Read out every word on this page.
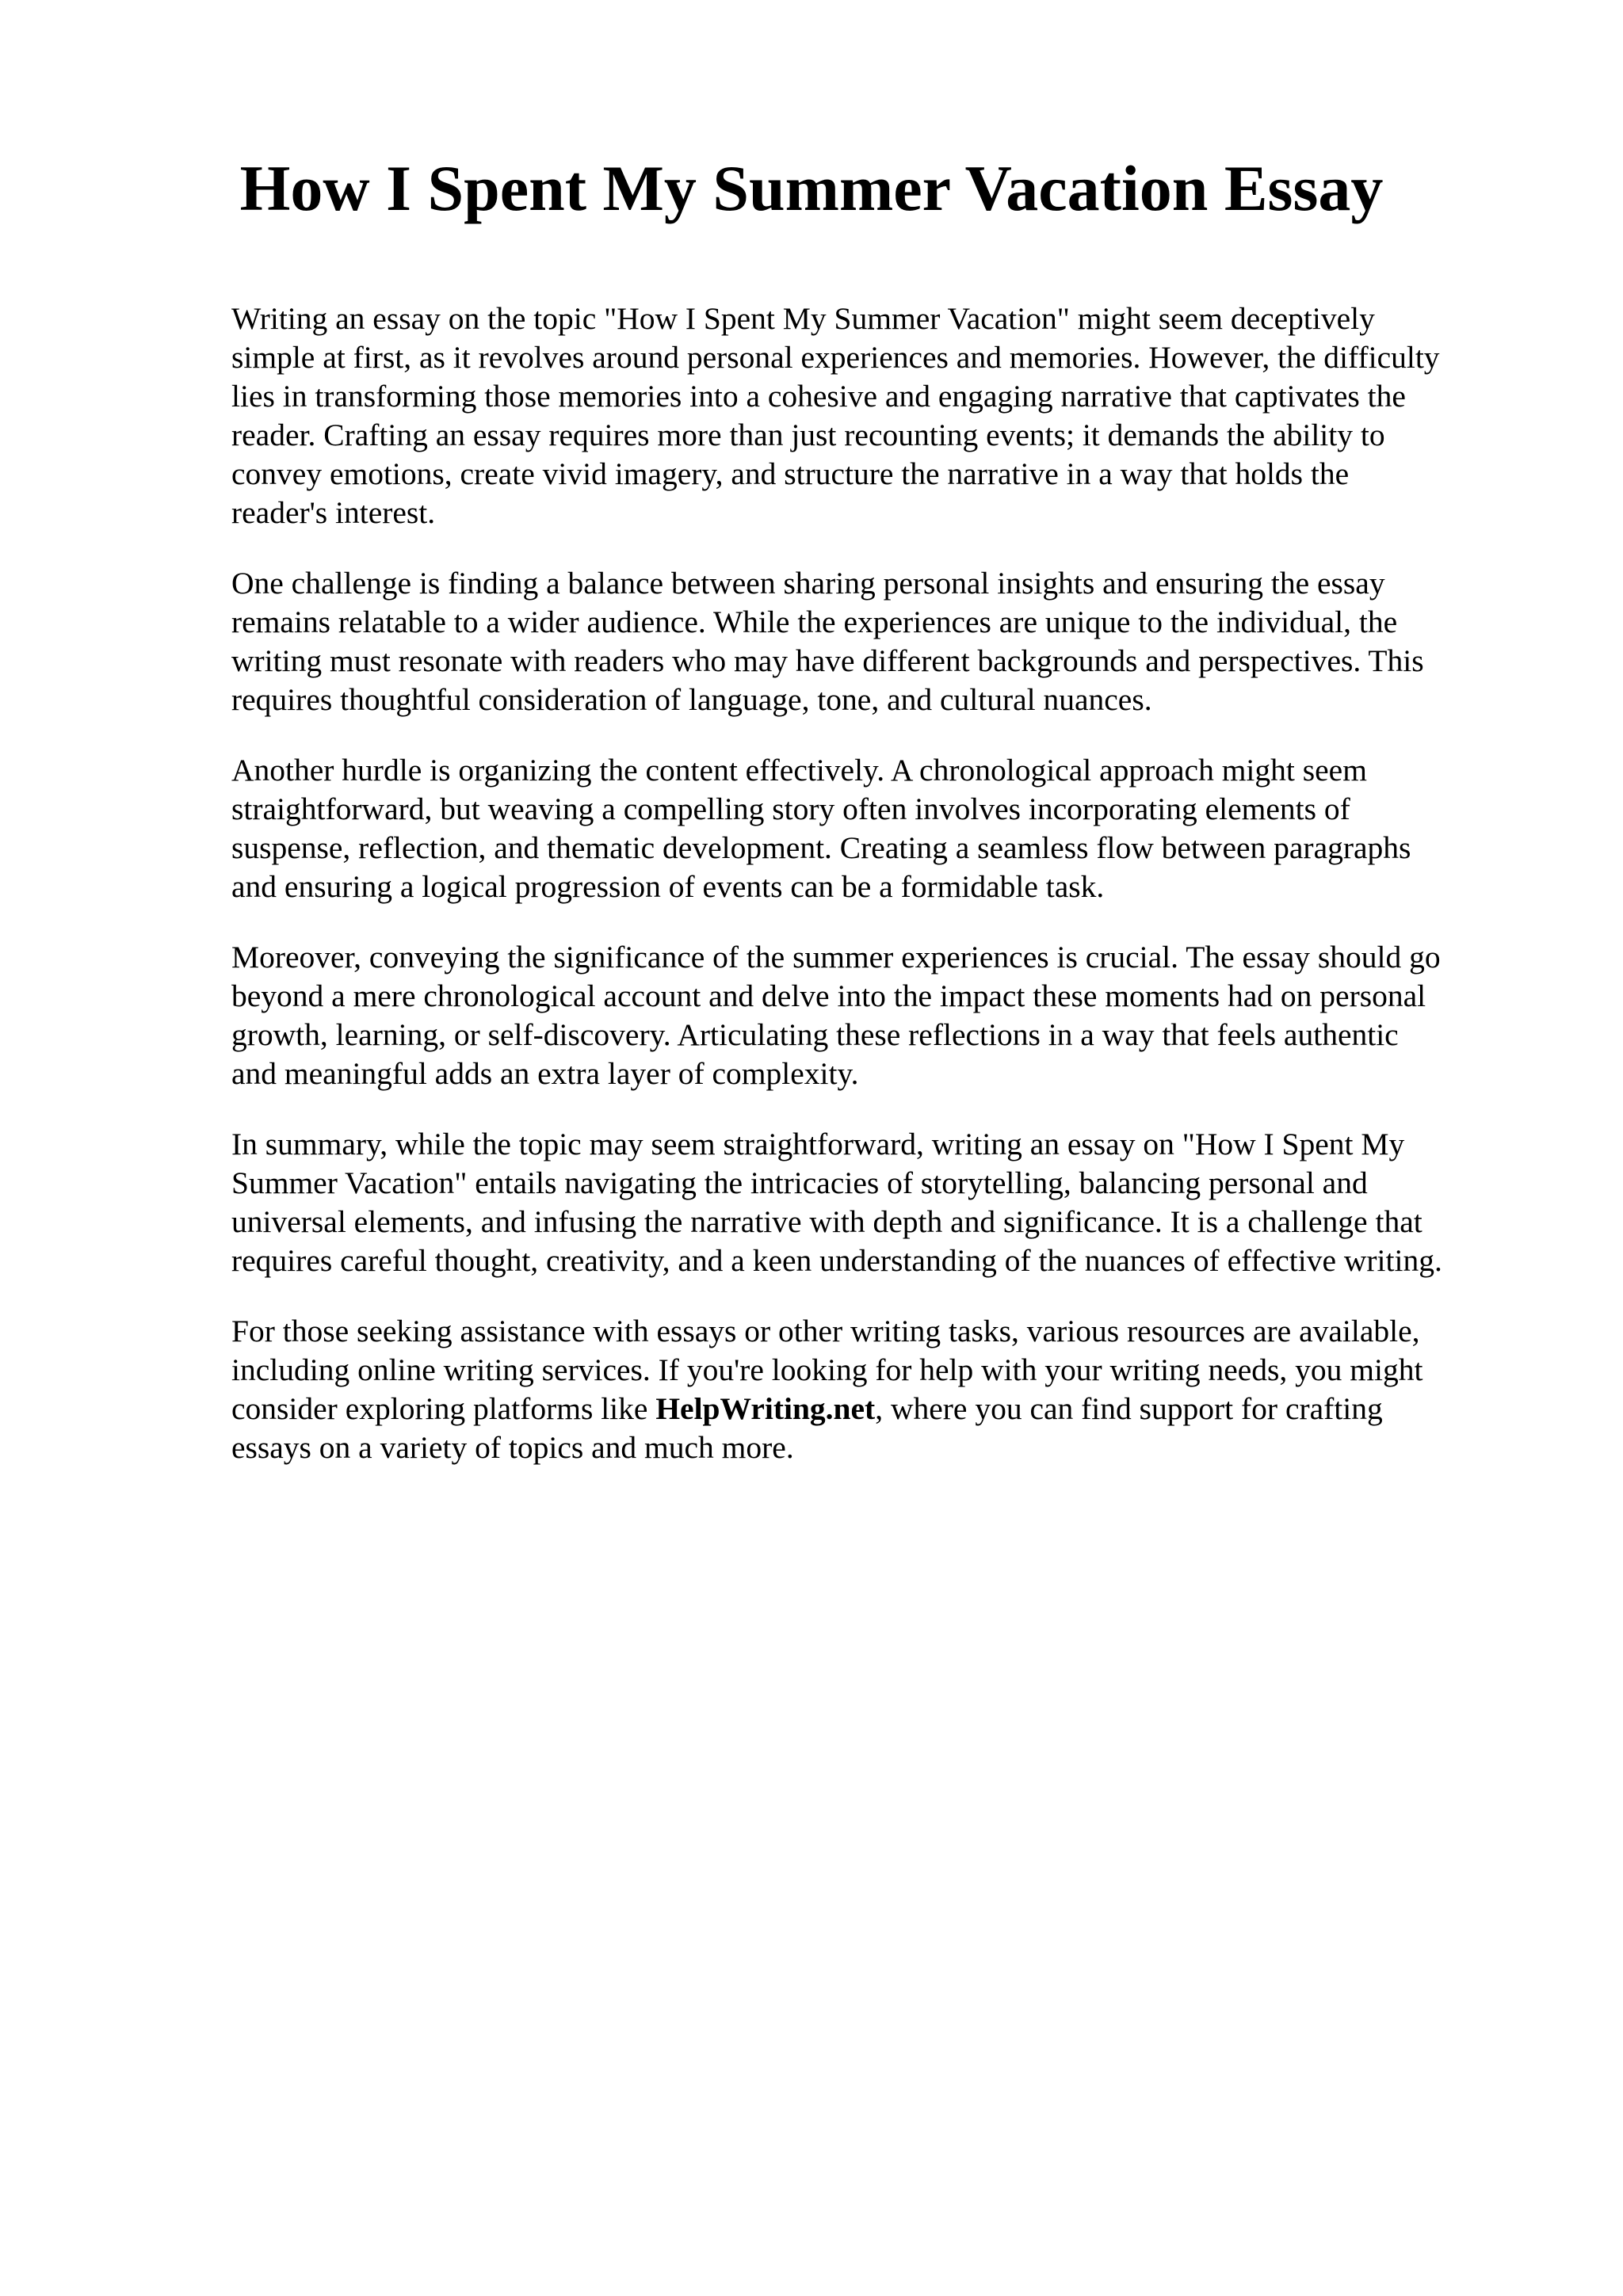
How I Spent My Summer Vacation Essay

Writing an essay on the topic "How I Spent My Summer Vacation" might seem deceptively
simple at first, as it revolves around personal experiences and memories. However, the difficulty
lies in transforming those memories into a cohesive and engaging narrative that captivates the
reader. Crafting an essay requires more than just recounting events; it demands the ability to
convey emotions, create vivid imagery, and structure the narrative in a way that holds the
reader's interest.

One challenge is finding a balance between sharing personal insights and ensuring the essay
remains relatable to a wider audience. While the experiences are unique to the individual, the
writing must resonate with readers who may have different backgrounds and perspectives. This
requires thoughtful consideration of language, tone, and cultural nuances.

Another hurdle is organizing the content effectively. A chronological approach might seem
straightforward, but weaving a compelling story often involves incorporating elements of
suspense, reflection, and thematic development. Creating a seamless flow between paragraphs
and ensuring a logical progression of events can be a formidable task.

Moreover, conveying the significance of the summer experiences is crucial. The essay should go
beyond a mere chronological account and delve into the impact these moments had on personal
growth, learning, or self-discovery. Articulating these reflections in a way that feels authentic
and meaningful adds an extra layer of complexity.

In summary, while the topic may seem straightforward, writing an essay on "How I Spent My
Summer Vacation" entails navigating the intricacies of storytelling, balancing personal and
universal elements, and infusing the narrative with depth and significance. It is a challenge that
requires careful thought, creativity, and a keen understanding of the nuances of effective writing.

For those seeking assistance with essays or other writing tasks, various resources are available,
including online writing services. If you're looking for help with your writing needs, you might
consider exploring platforms like HelpWriting.net, where you can find support for crafting
essays on a variety of topics and much more.
